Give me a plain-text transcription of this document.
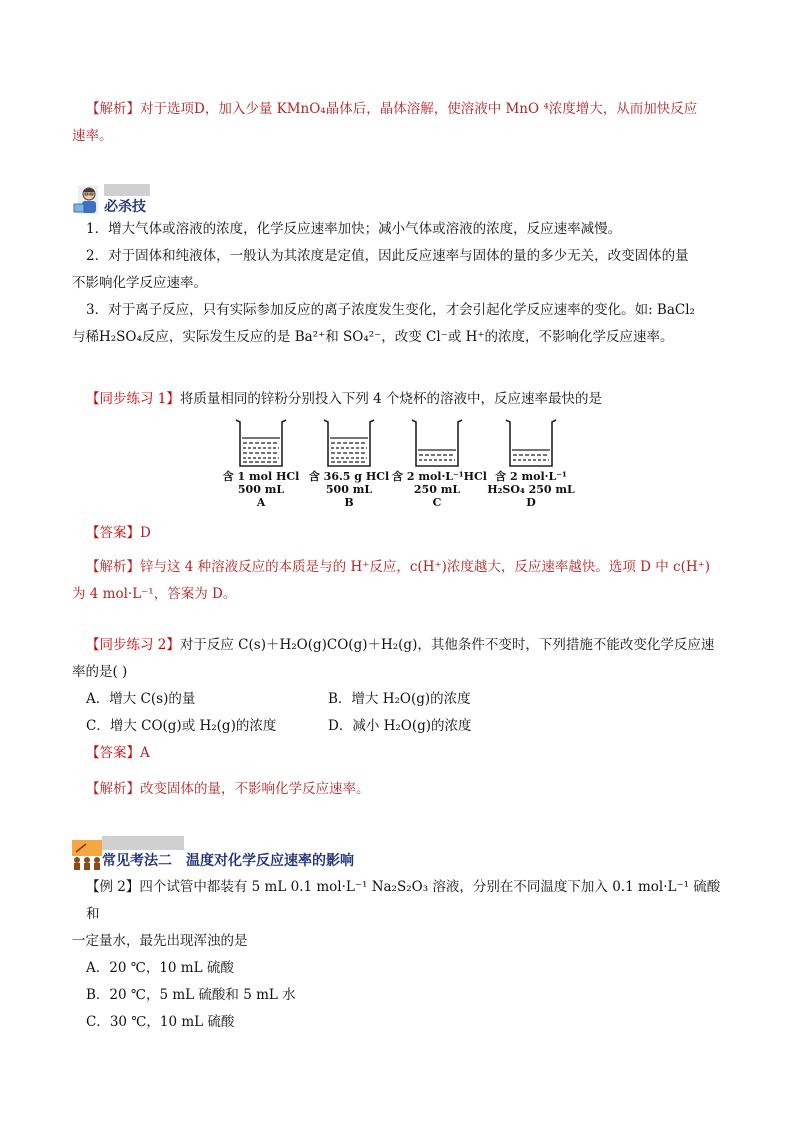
【解析】对于选项D，加入少量 KMnO₄晶体后，晶体溶解，使溶液中 MnO ⁴浓度增大，从而加快反应
速率。
必杀技
1．增大气体或溶液的浓度，化学反应速率加快；减小气体或溶液的浓度，反应速率减慢。
2．对于固体和纯液体，一般认为其浓度是定值，因此反应速率与固体的量的多少无关，改变固体的量
不影响化学反应速率。
3．对于离子反应，只有实际参加反应的离子浓度发生变化，才会引起化学反应速率的变化。如: BaCl₂
与稀H₂SO₄反应，实际发生反应的是 Ba²⁺和 SO₄²⁻，改变 Cl⁻或 H⁺的浓度，不影响化学反应速率。
【同步练习 1】将质量相同的锌粉分别投入下列 4 个烧杯的溶液中，反应速率最快的是
含 1 mol HCl
500 mL
A
含 36.5 g HCl
500 mL
B
含 2 mol·L⁻¹HCl
250 mL
C
含 2 mol·L⁻¹
H₂SO₄ 250 mL
D
【答案】D
【解析】锌与这 4 种溶液反应的本质是与的 H⁺反应，c(H⁺)浓度越大，反应速率越快。选项 D 中 c(H⁺)
为 4 mol·L⁻¹，答案为 D。
【同步练习 2】对于反应 C(s)＋H₂O(g)CO(g)＋H₂(g)，其他条件不变时，下列措施不能改变化学反应速
率的是( )
A．增大 C(s)的量	B．增大 H₂O(g)的浓度
C．增大 CO(g)或 H₂(g)的浓度	D．减小 H₂O(g)的浓度
【答案】A
【解析】改变固体的量，不影响化学反应速率。
常见考法二 温度对化学反应速率的影响
【例 2】四个试管中都装有 5 mL 0.1 mol·L⁻¹ Na₂S₂O₃ 溶液，分别在不同温度下加入 0.1 mol·L⁻¹ 硫酸和
一定量水，最先出现浑浊的是
A．20 ℃，10 mL 硫酸
B．20 ℃，5 mL 硫酸和 5 mL 水
C．30 ℃，10 mL 硫酸
